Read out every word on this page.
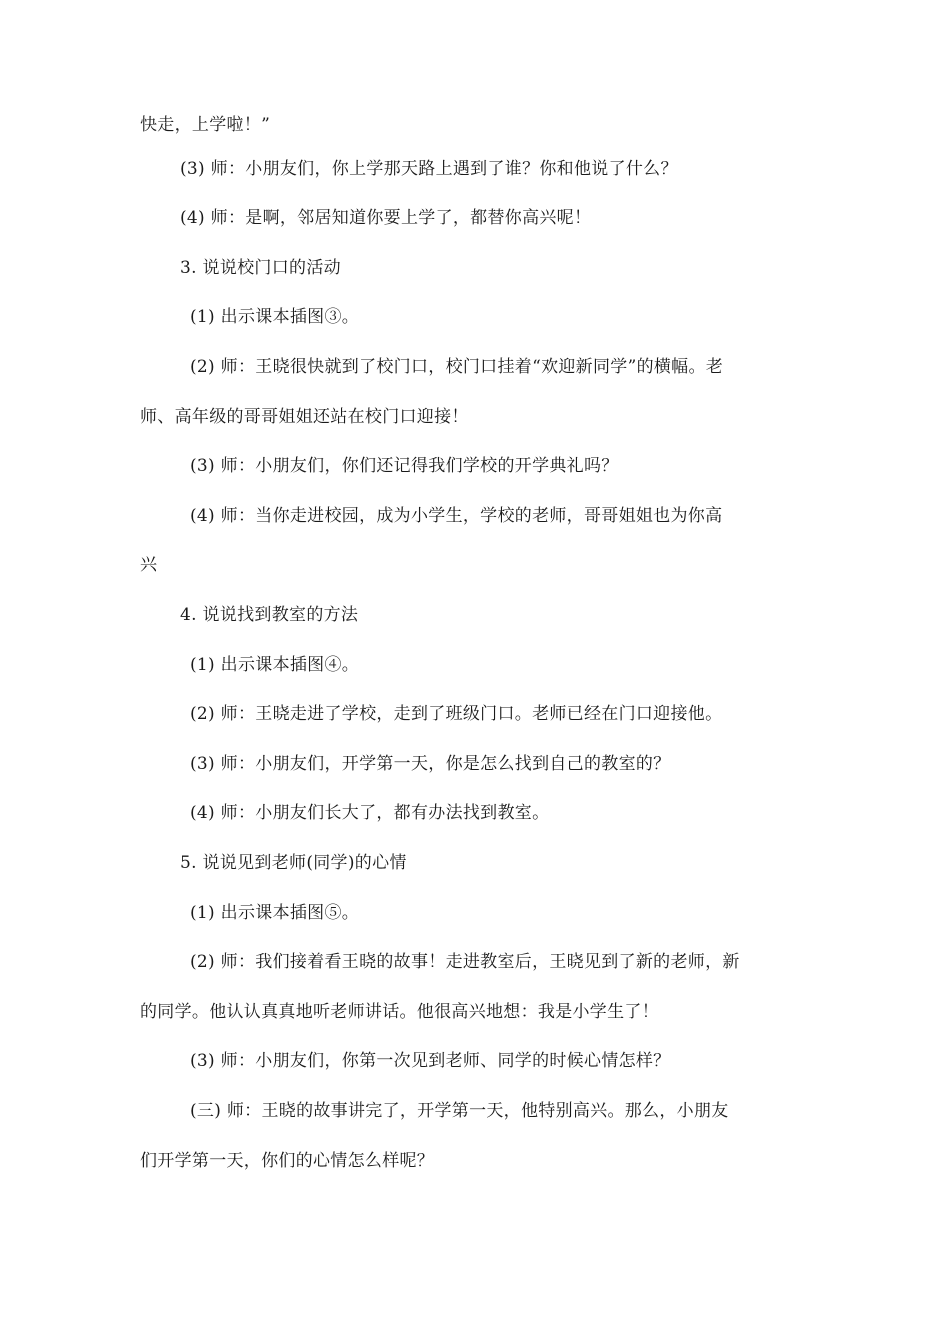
快走，上学啦！”
(3) 师：小朋友们，你上学那天路上遇到了谁？你和他说了什么？
(4) 师：是啊，邻居知道你要上学了，都替你高兴呢！
3. 说说校门口的活动
(1) 出示课本插图③。
(2) 师：王晓很快就到了校门口，校门口挂着“欢迎新同学”的横幅。老
师、高年级的哥哥姐姐还站在校门口迎接！
(3) 师：小朋友们，你们还记得我们学校的开学典礼吗？
(4) 师：当你走进校园，成为小学生，学校的老师，哥哥姐姐也为你高
兴
4. 说说找到教室的方法
(1) 出示课本插图④。
(2) 师：王晓走进了学校，走到了班级门口。老师已经在门口迎接他。
(3) 师：小朋友们，开学第一天，你是怎么找到自己的教室的？
(4) 师：小朋友们长大了，都有办法找到教室。
5. 说说见到老师(同学)的心情
(1) 出示课本插图⑤。
(2) 师：我们接着看王晓的故事！走进教室后，王晓见到了新的老师，新
的同学。他认认真真地听老师讲话。他很高兴地想：我是小学生了！
(3) 师：小朋友们，你第一次见到老师、同学的时候心情怎样？
(三) 师：王晓的故事讲完了，开学第一天，他特别高兴。那么，小朋友
们开学第一天，你们的心情怎么样呢？
